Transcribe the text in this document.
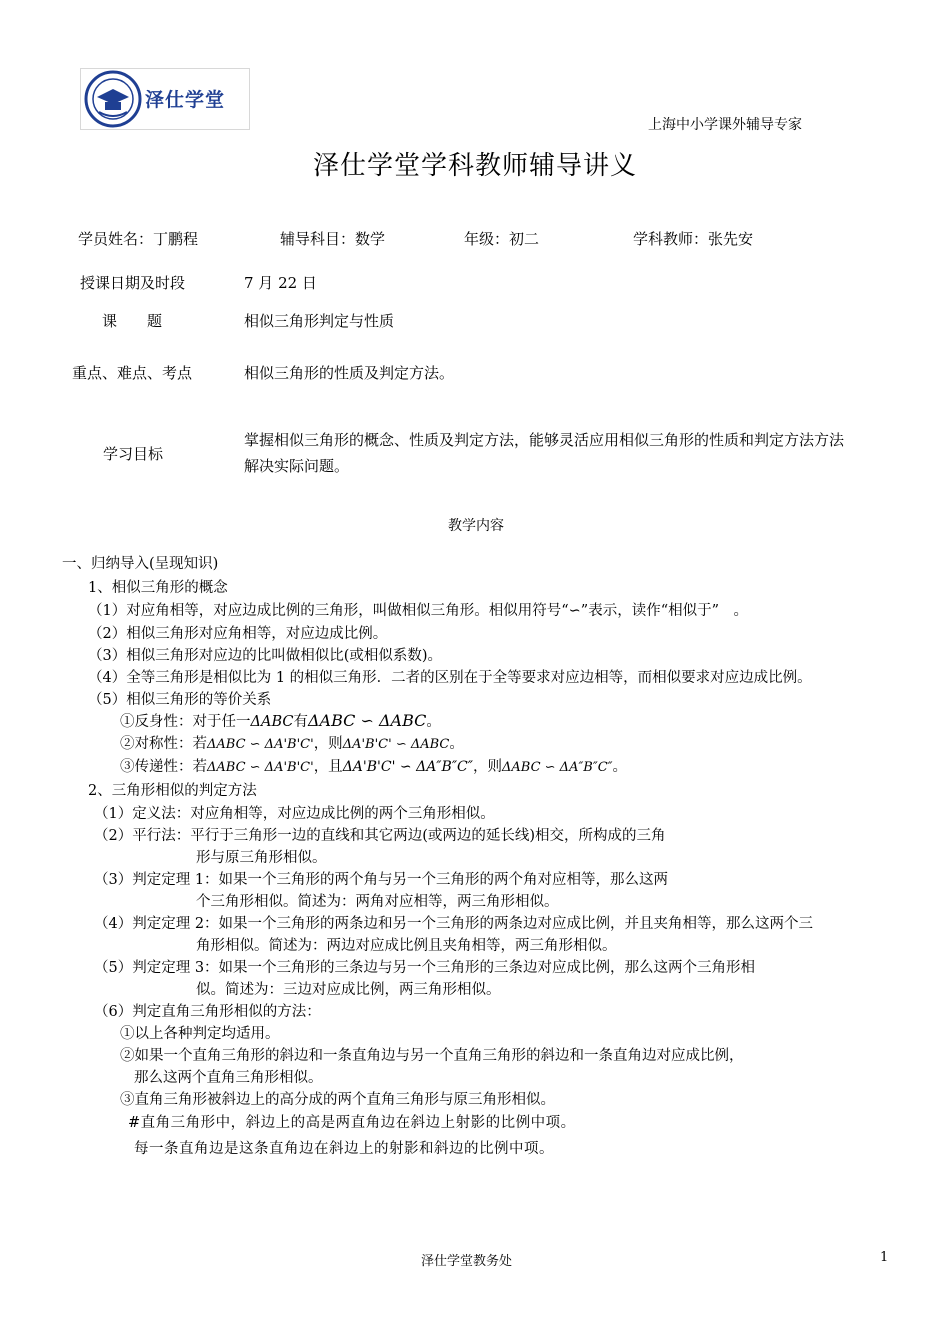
泽仕学堂
上海中小学课外辅导专家
泽仕学堂学科教师辅导讲义
学员姓名：丁鹏程	辅导科目：数学	年级：初二	学科教师：张先安
授课日期及时段	7 月 22 日
课　　题	相似三角形判定与性质
重点、难点、考点	相似三角形的性质及判定方法。
学习目标
掌握相似三角形的概念、性质及判定方法，能够灵活应用相似三角形的性质和判定方法方法
解决实际问题。
教学内容
一、归纳导入(呈现知识)
1、相似三角形的概念
（1）对应角相等，对应边成比例的三角形，叫做相似三角形。相似用符号“∽”表示，读作“相似于”　。
（2）相似三角形对应角相等，对应边成比例。
（3）相似三角形对应边的比叫做相似比(或相似系数)。
（4）全等三角形是相似比为 1 的相似三角形．二者的区别在于全等要求对应边相等，而相似要求对应边成比例。
（5）相似三角形的等价关系
①反身性：对于任一ΔABC有ΔABC ∽ ΔABC。
②对称性：若ΔABC ∽ ΔA'B'C'，则ΔA'B'C' ∽ ΔABC。
③传递性：若ΔABC ∽ ΔA'B'C'，且ΔA'B'C' ∽ ΔA″B″C″，则ΔABC ∽ ΔA″B″C″。
2、三角形相似的判定方法
（1）定义法：对应角相等，对应边成比例的两个三角形相似。
（2）平行法：平行于三角形一边的直线和其它两边(或两边的延长线)相交，所构成的三角
形与原三角形相似。
（3）判定定理 1：如果一个三角形的两个角与另一个三角形的两个角对应相等，那么这两
个三角形相似。简述为：两角对应相等，两三角形相似。
（4）判定定理 2：如果一个三角形的两条边和另一个三角形的两条边对应成比例，并且夹角相等，那么这两个三
角形相似。简述为：两边对应成比例且夹角相等，两三角形相似。
（5）判定定理 3：如果一个三角形的三条边与另一个三角形的三条边对应成比例，那么这两个三角形相
似。简述为：三边对应成比例，两三角形相似。
（6）判定直角三角形相似的方法：
①以上各种判定均适用。
②如果一个直角三角形的斜边和一条直角边与另一个直角三角形的斜边和一条直角边对应成比例，
那么这两个直角三角形相似。
③直角三角形被斜边上的高分成的两个直角三角形与原三角形相似。
#直角三角形中，斜边上的高是两直角边在斜边上射影的比例中项。
每一条直角边是这条直角边在斜边上的射影和斜边的比例中项。
泽仕学堂教务处	1
